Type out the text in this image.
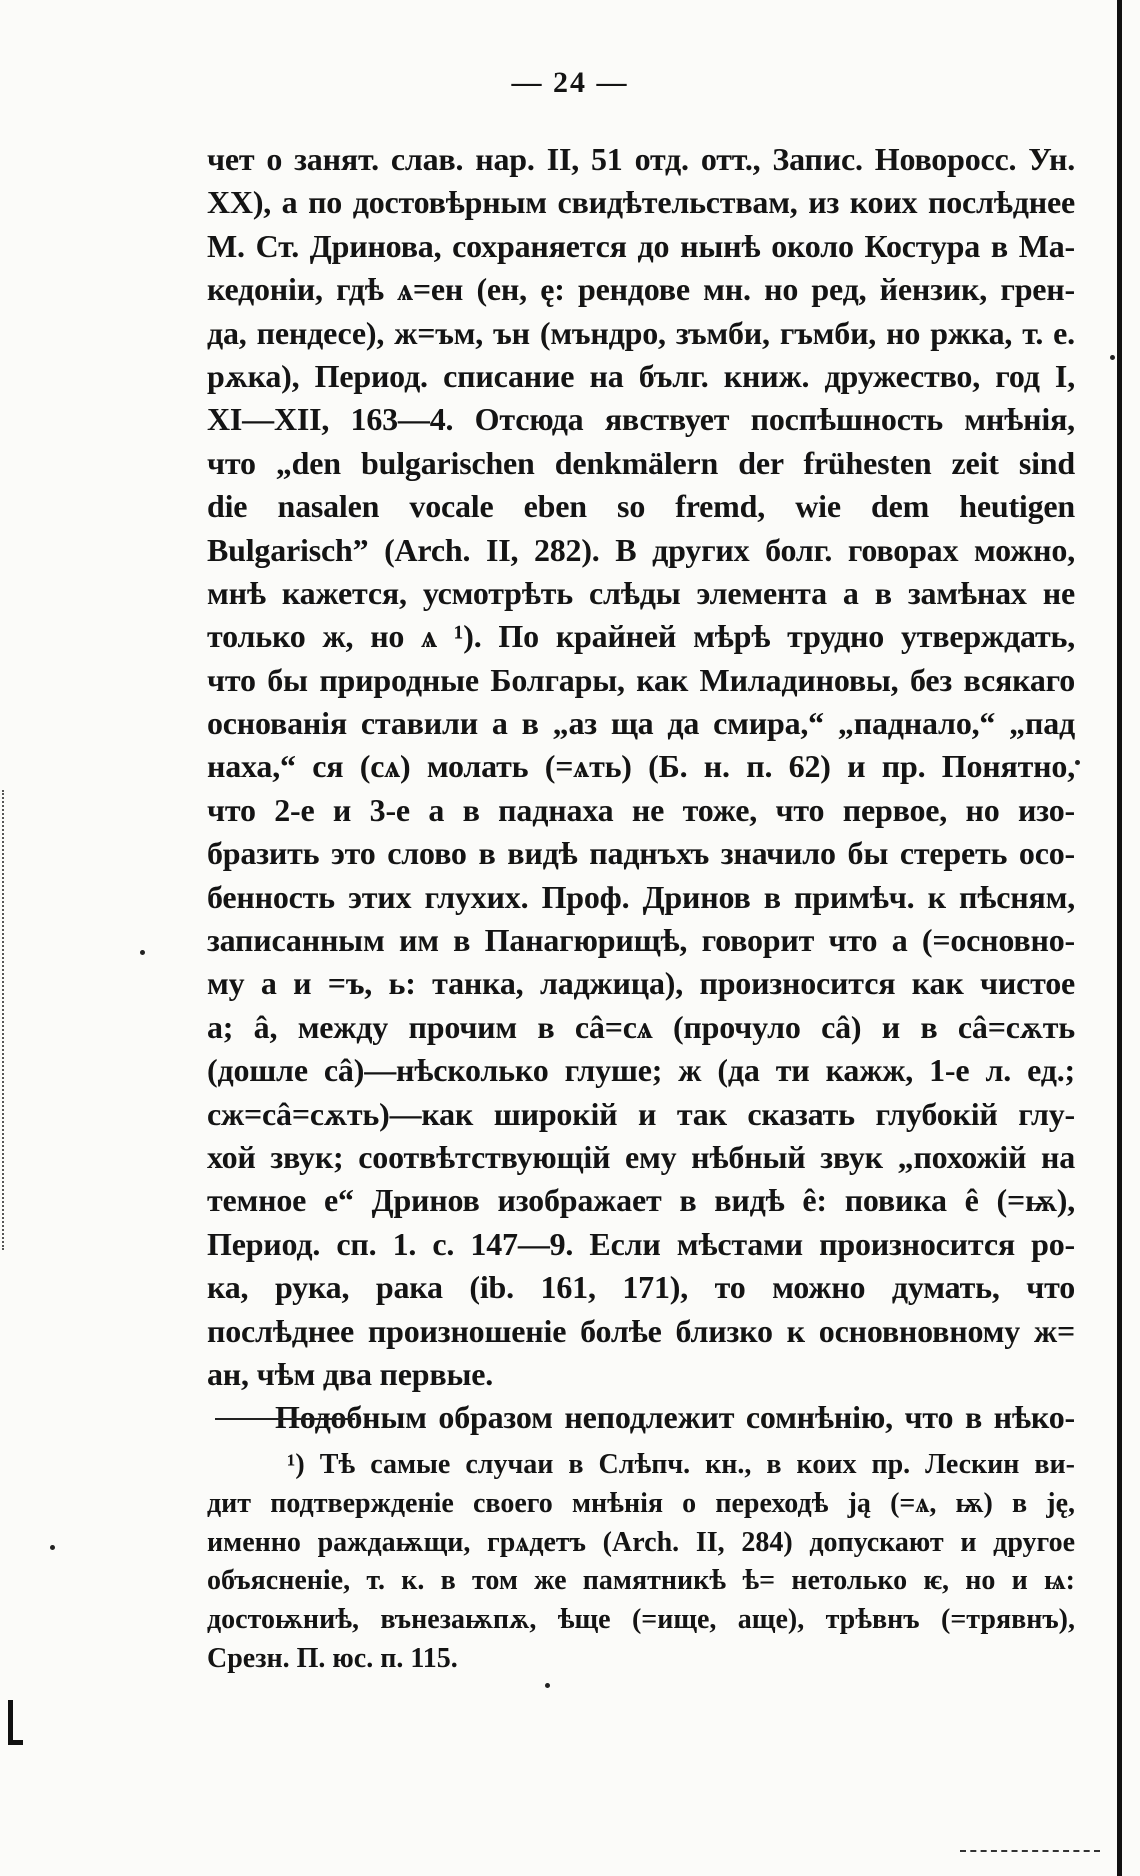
— 24 —
чет о занят. слав. нар. II, 51 отд. отт., Запис. Новоросс. Ун.
XX), а по достовѣрным свидѣтельствам, из коих послѣднее
М. Ст. Дринова, сохраняется до нынѣ около Костура в Ма-
кедоніи, гдѣ ѧ=ен (ен, ę: рендове мн. но ред, йензик, грен-
да, пендесе), ж=ъм, ън (мъндро, зъмби, гъмби, но ржка, т. е.
рѫка), Период. списание на бълг. книж. дружество, год I,
XI—XII, 163—4. Отсюда явствует поспѣшность мнѣнія,
что „den bulgarischen denkmälern der frühesten zeit sind
die nasalen vocale eben so fremd, wie dem heutigen
Bulgarisch” (Arch. II, 282). В других болг. говорах можно,
мнѣ кажется, усмотрѣть слѣды элемента а в замѣнах не
только ж, но ѧ ¹). По крайней мѣрѣ трудно утверждать,
что бы природные Болгары, как Миладиновы, без всякаго
основанія ставили а в „аз ща да смира,“ „паднало,“ „пад
наха,“ ся (сѧ) молать (=ѧть) (Б. н. п. 62) и пр. Понятно,
что 2-е и 3-е а в паднаха не тоже, что первое, но изо-
бразить это слово в видѣ паднъхъ значило бы стереть осо-
бенность этих глухих. Проф. Дринов в примѣч. к пѣсням,
записанным им в Панагюрищѣ, говорит что а (=основно-
му а и =ъ, ь: танка, ладжица), произносится как чистое
а; â, между прочим в сâ=сѧ (прочуло сâ) и в сâ=сѫть
(дошле сâ)—нѣсколько глуше; ж (да ти кажж, 1-е л. ед.;
сж=сâ=сѫть)—как широкій и так сказать глубокій глу-
хой звук; соотвѣтствующій ему нѣбный звук „похожій на
темное е“ Дринов изображает в видѣ ê: повика ê (=ѭ),
Период. сп. 1. с. 147—9. Если мѣстами произносится ро-
ка, рука, рака (ib. 161, 171), то можно думать, что
послѣднее произношеніе болѣе близко к основновному ж=
ан, чѣм два первые.
Подобным образом неподлежит сомнѣнію, что в нѣко-
¹) Тѣ самые случаи в Слѣпч. кн., в коих пр. Лескин ви-
дит подтвержденіе своего мнѣнія о переходѣ ją (=ѧ, ѭ) в ję,
именно раждаѭщи, грѧдетъ (Arch. II, 284) допускают и другое
объясненіе, т. к. в том же памятникѣ ѣ= нетолько ѥ, но и ѩ:
достоѭниѣ, вънезаѭпѫ, ѣще (=ище, аще), трѣвнъ (=трявнъ),
Срезн. П. юс. п. 115.
